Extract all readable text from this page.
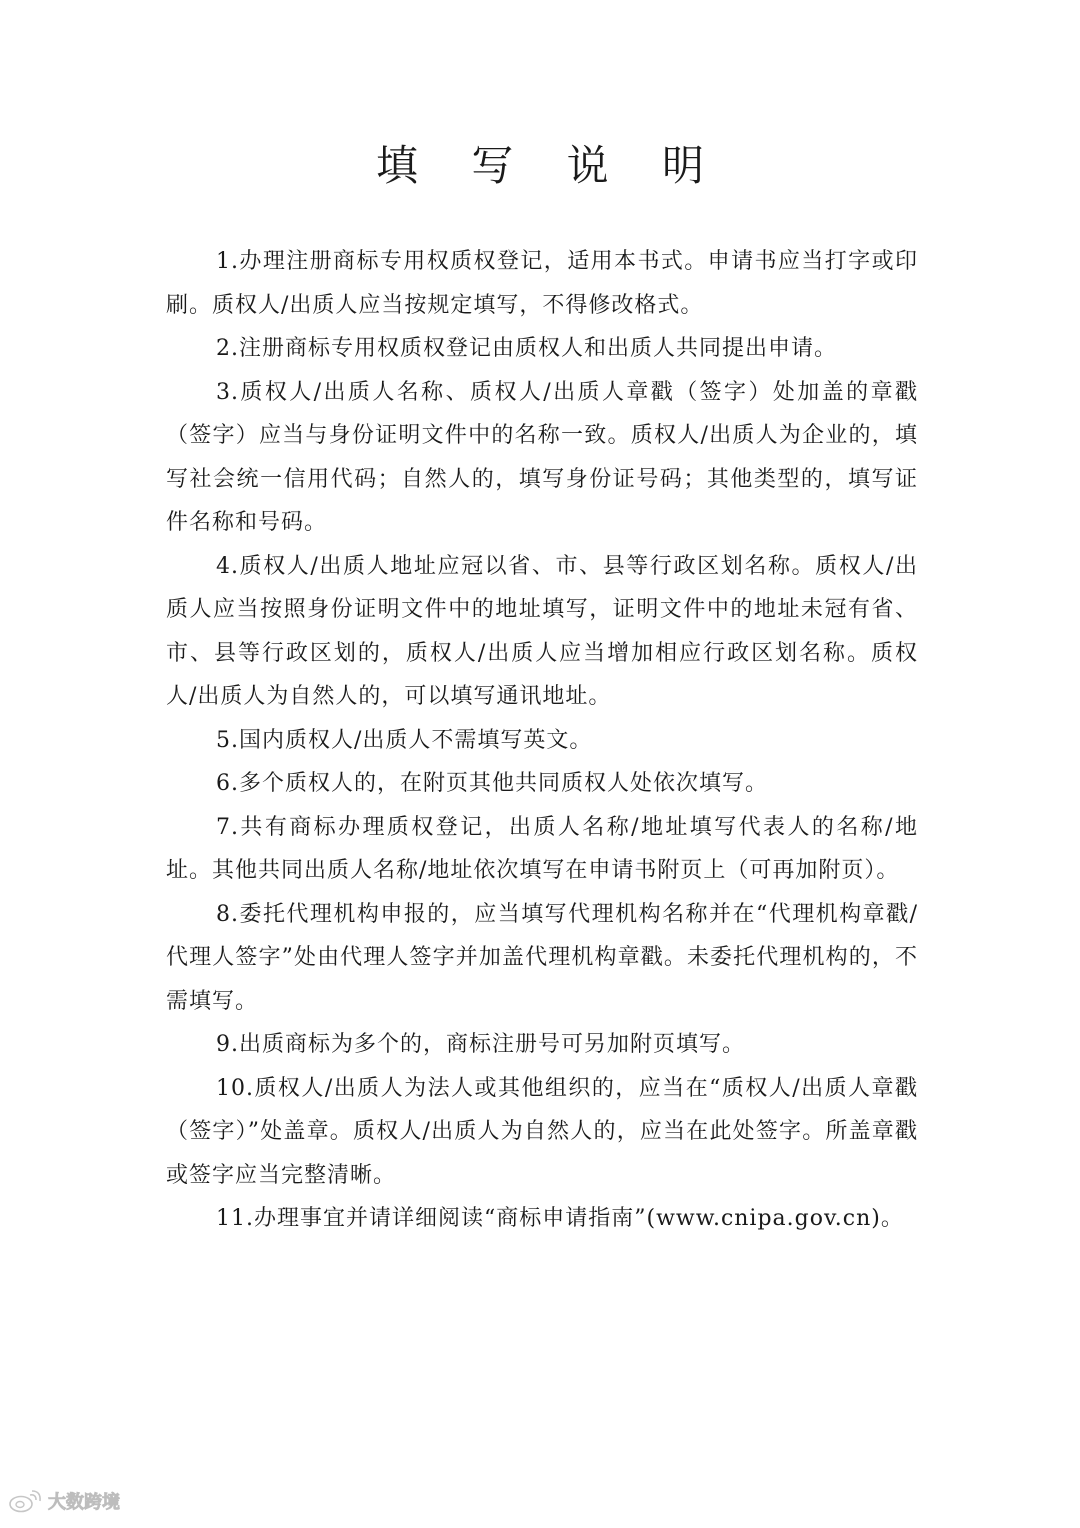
填 写 说 明

1.办理注册商标专用权质权登记，适用本书式。申请书应当打字或印刷。质权人/出质人应当按规定填写，不得修改格式。

2.注册商标专用权质权登记由质权人和出质人共同提出申请。

3.质权人/出质人名称、质权人/出质人章戳（签字）处加盖的章戳（签字）应当与身份证明文件中的名称一致。质权人/出质人为企业的，填写社会统一信用代码；自然人的，填写身份证号码；其他类型的，填写证件名称和号码。

4.质权人/出质人地址应冠以省、市、县等行政区划名称。质权人/出质人应当按照身份证明文件中的地址填写，证明文件中的地址未冠有省、市、县等行政区划的，质权人/出质人应当增加相应行政区划名称。质权人/出质人为自然人的，可以填写通讯地址。

5.国内质权人/出质人不需填写英文。

6.多个质权人的，在附页其他共同质权人处依次填写。

7.共有商标办理质权登记，出质人名称/地址填写代表人的名称/地址。其他共同出质人名称/地址依次填写在申请书附页上（可再加附页）。

8.委托代理机构申报的，应当填写代理机构名称并在“代理机构章戳/代理人签字”处由代理人签字并加盖代理机构章戳。未委托代理机构的，不需填写。

9.出质商标为多个的，商标注册号可另加附页填写。

10.质权人/出质人为法人或其他组织的，应当在“质权人/出质人章戳（签字）”处盖章。质权人/出质人为自然人的，应当在此处签字。所盖章戳或签字应当完整清晰。

11.办理事宜并请详细阅读“商标申请指南”(www.cnipa.gov.cn)。

大数跨境
